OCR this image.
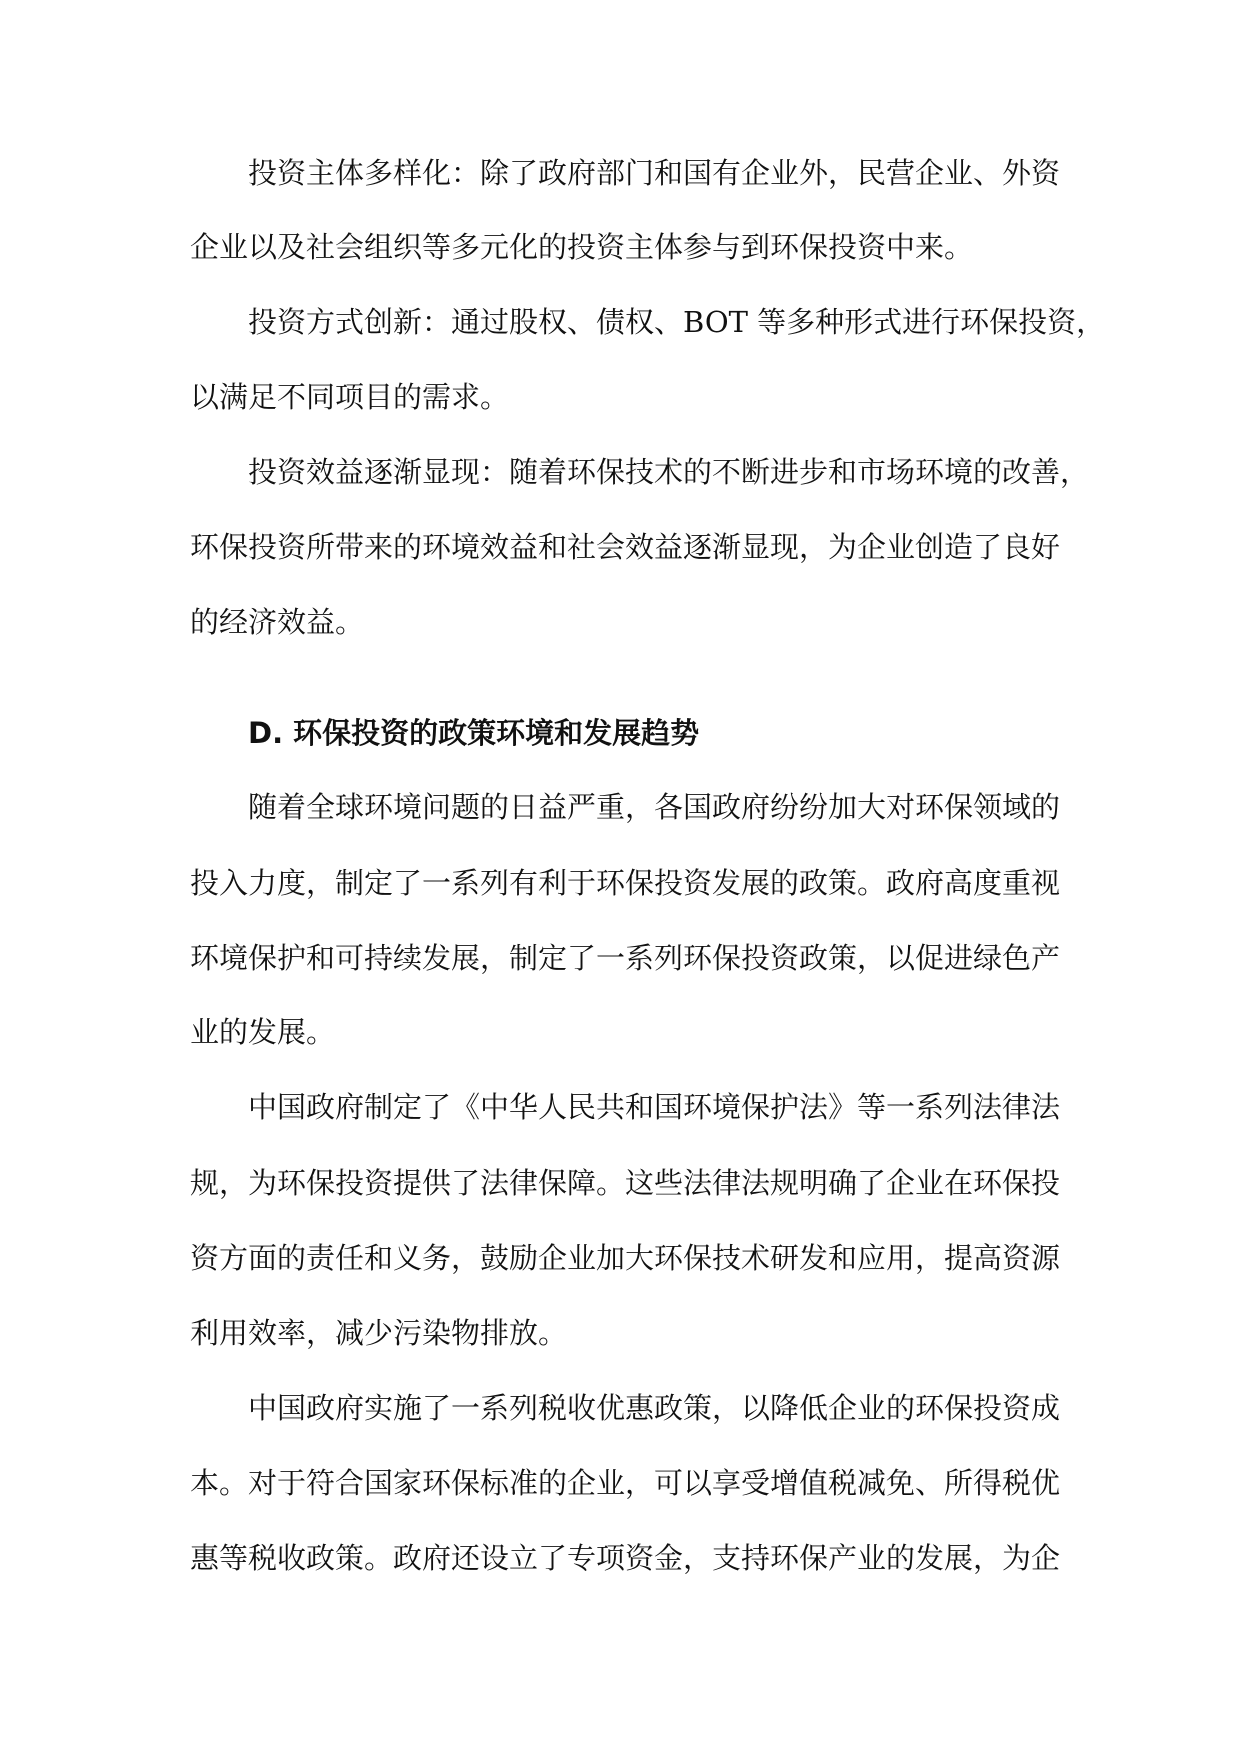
投资主体多样化：除了政府部门和国有企业外，民营企业、外资
企业以及社会组织等多元化的投资主体参与到环保投资中来。
投资方式创新：通过股权、债权、BOT 等多种形式进行环保投资，
以满足不同项目的需求。
投资效益逐渐显现：随着环保技术的不断进步和市场环境的改善，
环保投资所带来的环境效益和社会效益逐渐显现，为企业创造了良好
的经济效益。
D. 环保投资的政策环境和发展趋势
随着全球环境问题的日益严重，各国政府纷纷加大对环保领域的
投入力度，制定了一系列有利于环保投资发展的政策。政府高度重视
环境保护和可持续发展，制定了一系列环保投资政策，以促进绿色产
业的发展。
中国政府制定了《中华人民共和国环境保护法》等一系列法律法
规，为环保投资提供了法律保障。这些法律法规明确了企业在环保投
资方面的责任和义务，鼓励企业加大环保技术研发和应用，提高资源
利用效率，减少污染物排放。
中国政府实施了一系列税收优惠政策，以降低企业的环保投资成
本。对于符合国家环保标准的企业，可以享受增值税减免、所得税优
惠等税收政策。政府还设立了专项资金，支持环保产业的发展，为企
